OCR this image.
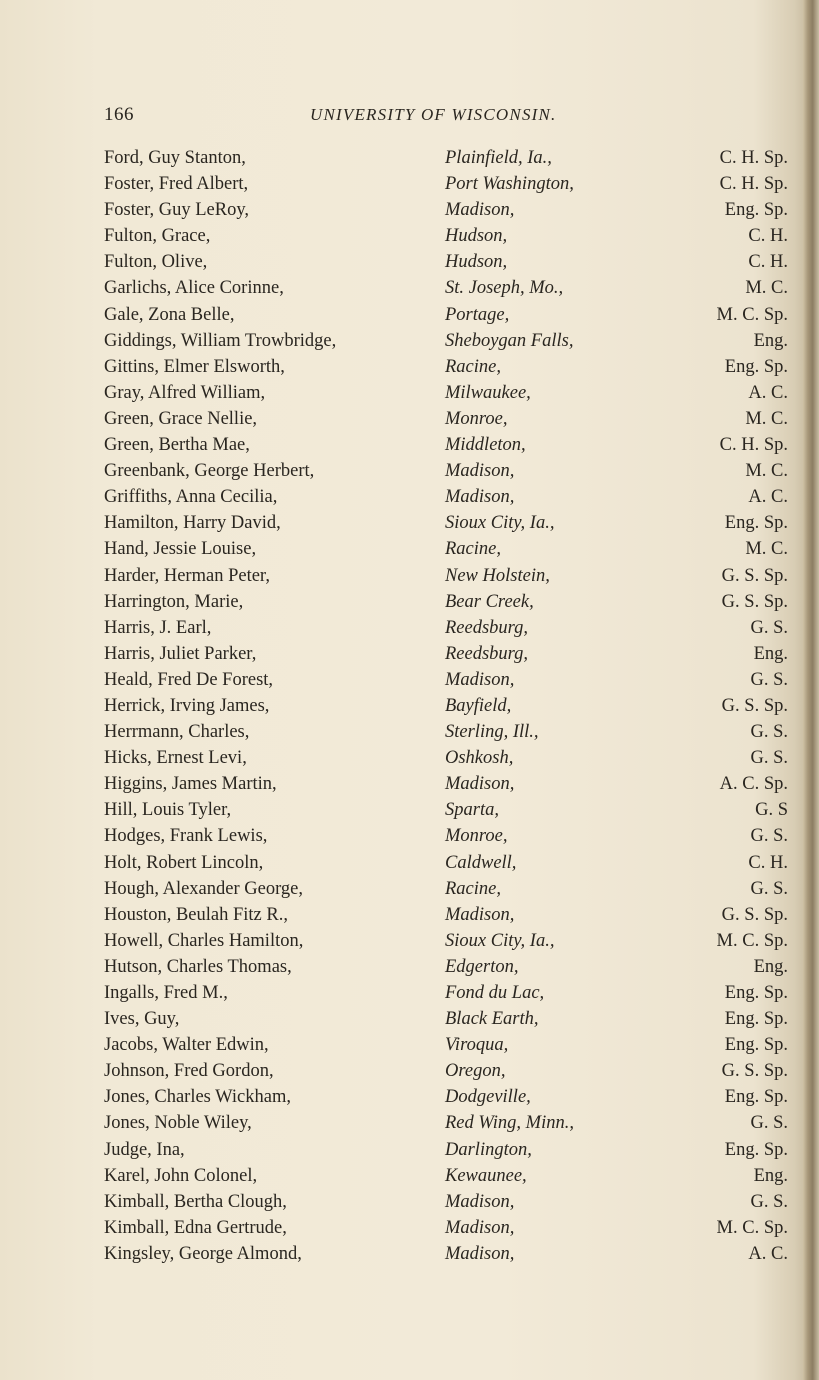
166	UNIVERSITY OF WISCONSIN.
Ford, Guy Stanton,	Plainfield, Ia.,	C. H. Sp.
Foster, Fred Albert,	Port Washington,	C. H. Sp.
Foster, Guy LeRoy,	Madison,	Eng. Sp.
Fulton, Grace,	Hudson,	C. H.
Fulton, Olive,	Hudson,	C. H.
Garlichs, Alice Corinne,	St. Joseph, Mo.,	M. C.
Gale, Zona Belle,	Portage,	M. C. Sp.
Giddings, William Trowbridge,	Sheboygan Falls,	Eng.
Gittins, Elmer Elsworth,	Racine,	Eng. Sp.
Gray, Alfred William,	Milwaukee,	A. C.
Green, Grace Nellie,	Monroe,	M. C.
Green, Bertha Mae,	Middleton,	C. H. Sp.
Greenbank, George Herbert,	Madison,	M. C.
Griffiths, Anna Cecilia,	Madison,	A. C.
Hamilton, Harry David,	Sioux City, Ia.,	Eng. Sp.
Hand, Jessie Louise,	Racine,	M. C.
Harder, Herman Peter,	New Holstein,	G. S. Sp.
Harrington, Marie,	Bear Creek,	G. S. Sp.
Harris, J. Earl,	Reedsburg,	G. S.
Harris, Juliet Parker,	Reedsburg,	Eng.
Heald, Fred De Forest,	Madison,	G. S.
Herrick, Irving James,	Bayfield,	G. S. Sp.
Herrmann, Charles,	Sterling, Ill.,	G. S.
Hicks, Ernest Levi,	Oshkosh,	G. S.
Higgins, James Martin,	Madison,	A. C. Sp.
Hill, Louis Tyler,	Sparta,	G. S
Hodges, Frank Lewis,	Monroe,	G. S.
Holt, Robert Lincoln,	Caldwell,	C. H.
Hough, Alexander George,	Racine,	G. S.
Houston, Beulah Fitz R.,	Madison,	G. S. Sp.
Howell, Charles Hamilton,	Sioux City, Ia.,	M. C. Sp.
Hutson, Charles Thomas,	Edgerton,	Eng.
Ingalls, Fred M.,	Fond du Lac,	Eng. Sp.
Ives, Guy,	Black Earth,	Eng. Sp.
Jacobs, Walter Edwin,	Viroqua,	Eng. Sp.
Johnson, Fred Gordon,	Oregon,	G. S. Sp.
Jones, Charles Wickham,	Dodgeville,	Eng. Sp.
Jones, Noble Wiley,	Red Wing, Minn.,	G. S.
Judge, Ina,	Darlington,	Eng. Sp.
Karel, John Colonel,	Kewaunee,	Eng.
Kimball, Bertha Clough,	Madison,	G. S.
Kimball, Edna Gertrude,	Madison,	M. C. Sp.
Kingsley, George Almond,	Madison,	A. C.
